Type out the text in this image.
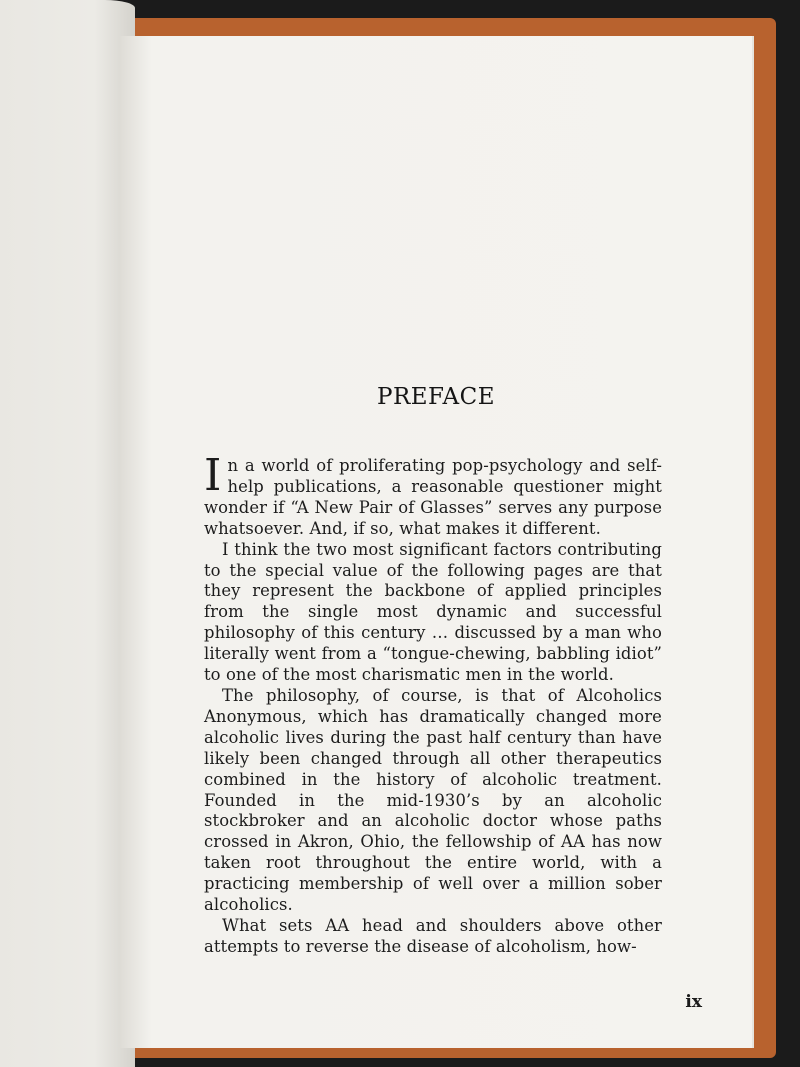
PREFACE

In a world of proliferating pop-psychology and self-help publications, a reasonable questioner might wonder if “A New Pair of Glasses” serves any purpose whatsoever. And, if so, what makes it different.

I think the two most significant factors contributing to the special value of the following pages are that they represent the backbone of applied principles from the single most dynamic and successful philosophy of this century … discussed by a man who literally went from a “tongue-chewing, babbling idiot” to one of the most charismatic men in the world.

The philosophy, of course, is that of Alcoholics Anonymous, which has dramatically changed more alcoholic lives during the past half century than have likely been changed through all other therapeutics combined in the history of alcoholic treatment. Founded in the mid-1930’s by an alcoholic stockbroker and an alcoholic doctor whose paths crossed in Akron, Ohio, the fellowship of AA has now taken root throughout the entire world, with a practicing membership of well over a million sober alcoholics.

What sets AA head and shoulders above other attempts to reverse the disease of alcoholism, how-

ix
